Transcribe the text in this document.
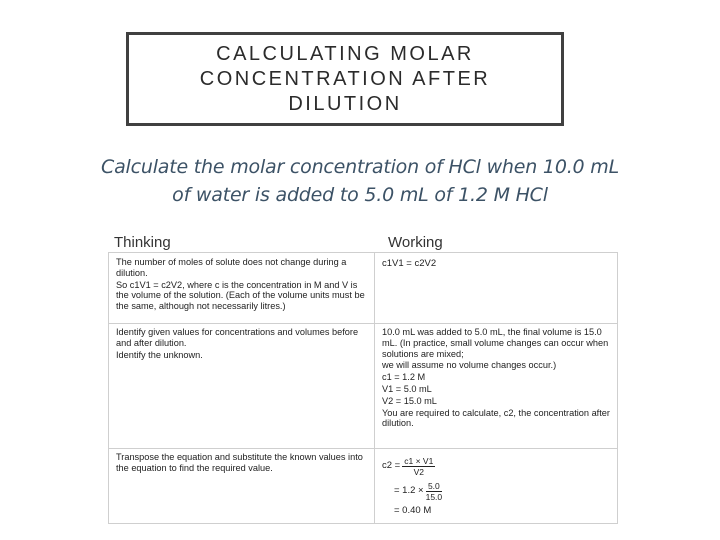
CALCULATING MOLAR CONCENTRATION AFTER DILUTION
Calculate the molar concentration of HCl when 10.0 mL of water is added to 5.0 mL of 1.2 M HCl
Thinking	Working

The number of moles of solute does not change during a dilution.

So c1V1 = c2V2, where c is the concentration in M and V is the volume of the solution. (Each of the volume units must be the same, although not necessarily litres.)

c1V1 = c2V2

Identify given values for concentrations and volumes before and after dilution.

Identify the unknown.

10.0 mL was added to 5.0 mL, the final volume is 15.0 mL. (In practice, small volume changes can occur when solutions are mixed;

we will assume no volume changes occur.)

c1 = 1.2 M

V1 = 5.0 mL

V2 = 15.0 mL

You are required to calculate, c2, the concentration after dilution.

Transpose the equation and substitute the known values into the equation to find the required value.	$c2 = \frac{c1 \times V1}{V2}$
= $1.2 \times \frac{5.0}{15.0}$
= 0.40 M
